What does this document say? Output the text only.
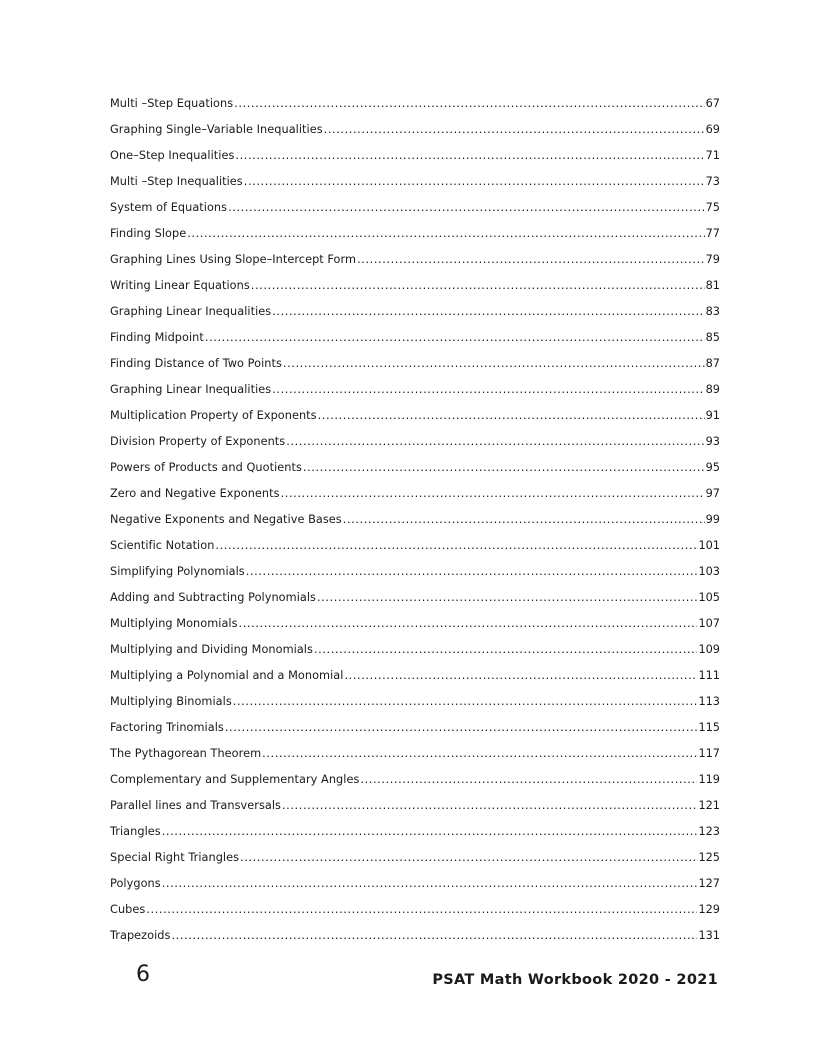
Multi –Step Equations .....	67
Graphing Single–Variable Inequalities .....	69
One–Step Inequalities .....	71
Multi –Step Inequalities .....	73
System of Equations .....	75
Finding Slope .....	77
Graphing Lines Using Slope–Intercept Form .....	79
Writing Linear Equations .....	81
Graphing Linear Inequalities .....	83
Finding Midpoint .....	85
Finding Distance of Two Points .....	87
Graphing Linear Inequalities .....	89
Multiplication Property of Exponents .....	91
Division Property of Exponents .....	93
Powers of Products and Quotients .....	95
Zero and Negative Exponents .....	97
Negative Exponents and Negative Bases .....	99
Scientific Notation .....	101
Simplifying Polynomials .....	103
Adding and Subtracting Polynomials .....	105
Multiplying Monomials .....	107
Multiplying and Dividing Monomials .....	109
Multiplying a Polynomial and a Monomial .....	111
Multiplying Binomials .....	113
Factoring Trinomials .....	115
The Pythagorean Theorem .....	117
Complementary and Supplementary Angles .....	119
Parallel lines and Transversals .....	121
Triangles .....	123
Special Right Triangles .....	125
Polygons .....	127
Cubes .....	129
Trapezoids .....	131
6	PSAT Math Workbook 2020 - 2021
